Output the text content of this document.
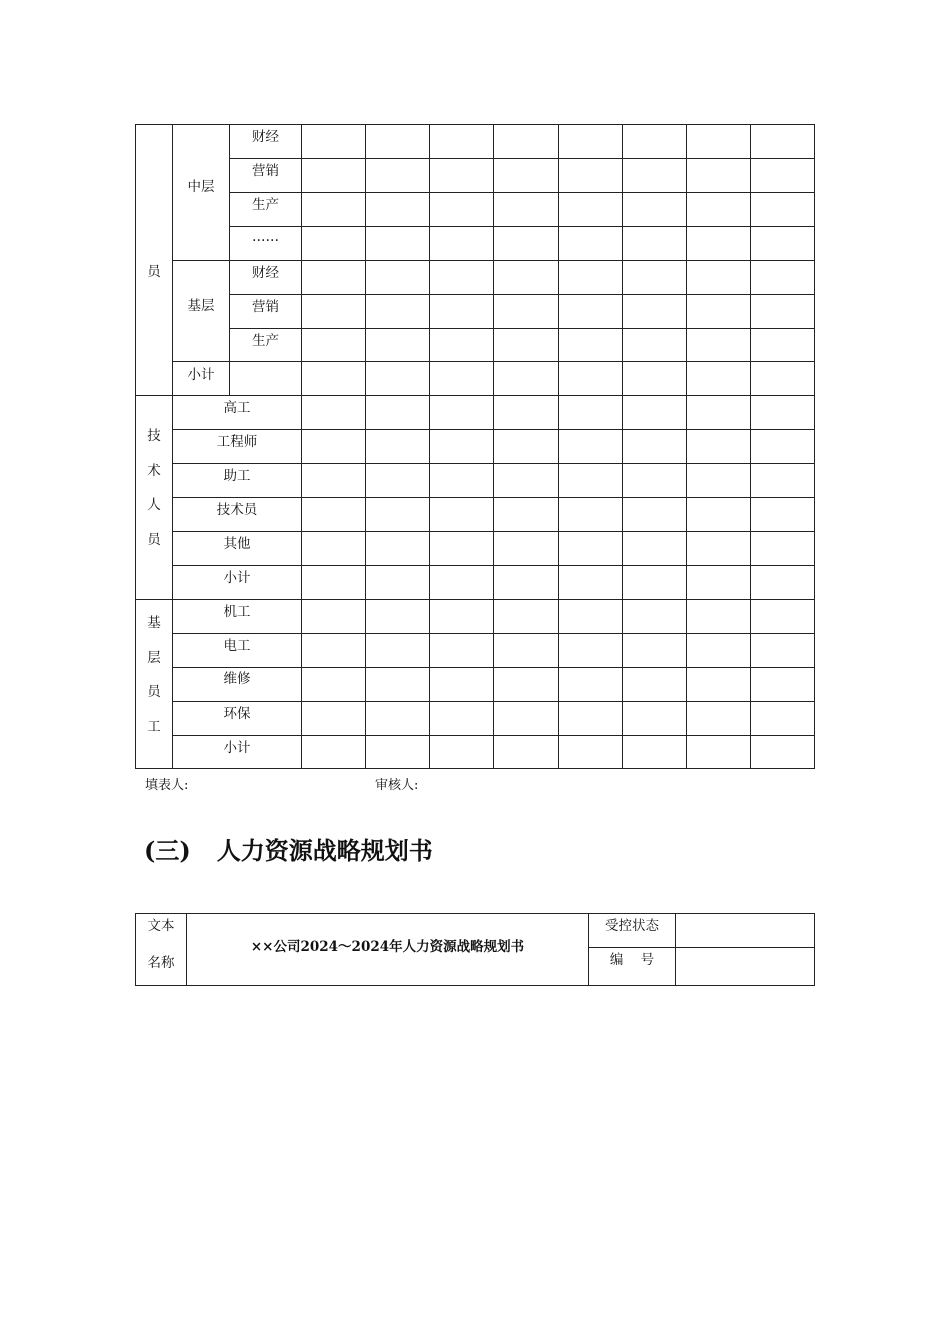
员
中层
财经
营销
生产
……
基层
财经
营销
生产
小计
技
术
人
员
高工
工程师
助工
技术员
其他
小计
基
层
员
工
机工
电工
维修
环保
小计
填表人:	审核人:
(三) 人力资源战略规划书
文本
名称
××公司2024～2024年人力资源战略规划书
受控状态
编    号
